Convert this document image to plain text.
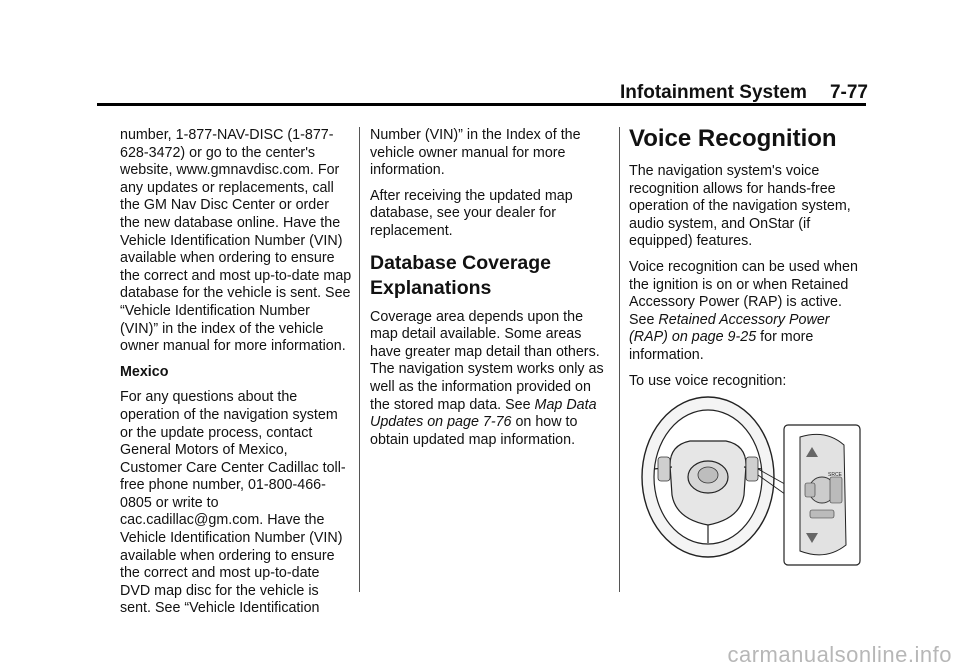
Infotainment System 7-77

number, 1-877-NAV-DISC (1-877-628-3472) or go to the center's website, www.gmnavdisc.com. For any updates or replacements, call the GM Nav Disc Center or order the new database online. Have the Vehicle Identification Number (VIN) available when ordering to ensure the correct and most up-to-date map database for the vehicle is sent. See “Vehicle Identification Number (VIN)” in the index of the vehicle owner manual for more information.

Mexico

For any questions about the operation of the navigation system or the update process, contact General Motors of Mexico, Customer Care Center Cadillac toll-free phone number, 01-800-466-0805 or write to cac.cadillac@gm.com. Have the Vehicle Identification Number (VIN) available when ordering to ensure the correct and most up-to-date DVD map disc for the vehicle is sent. See “Vehicle Identification

Number (VIN)” in the Index of the vehicle owner manual for more information.

After receiving the updated map database, see your dealer for replacement.

Database Coverage Explanations

Coverage area depends upon the map detail available. Some areas have greater map detail than others. The navigation system works only as well as the information provided on the stored map data. See Map Data Updates on page 7-76 on how to obtain updated map information.

Voice Recognition

The navigation system's voice recognition allows for hands-free operation of the navigation system, audio system, and OnStar (if equipped) features.

Voice recognition can be used when the ignition is on or when Retained Accessory Power (RAP) is active. See Retained Accessory Power (RAP) on page 9-25 for more information.

To use voice recognition:

SRCE
carmanualsonline.info
